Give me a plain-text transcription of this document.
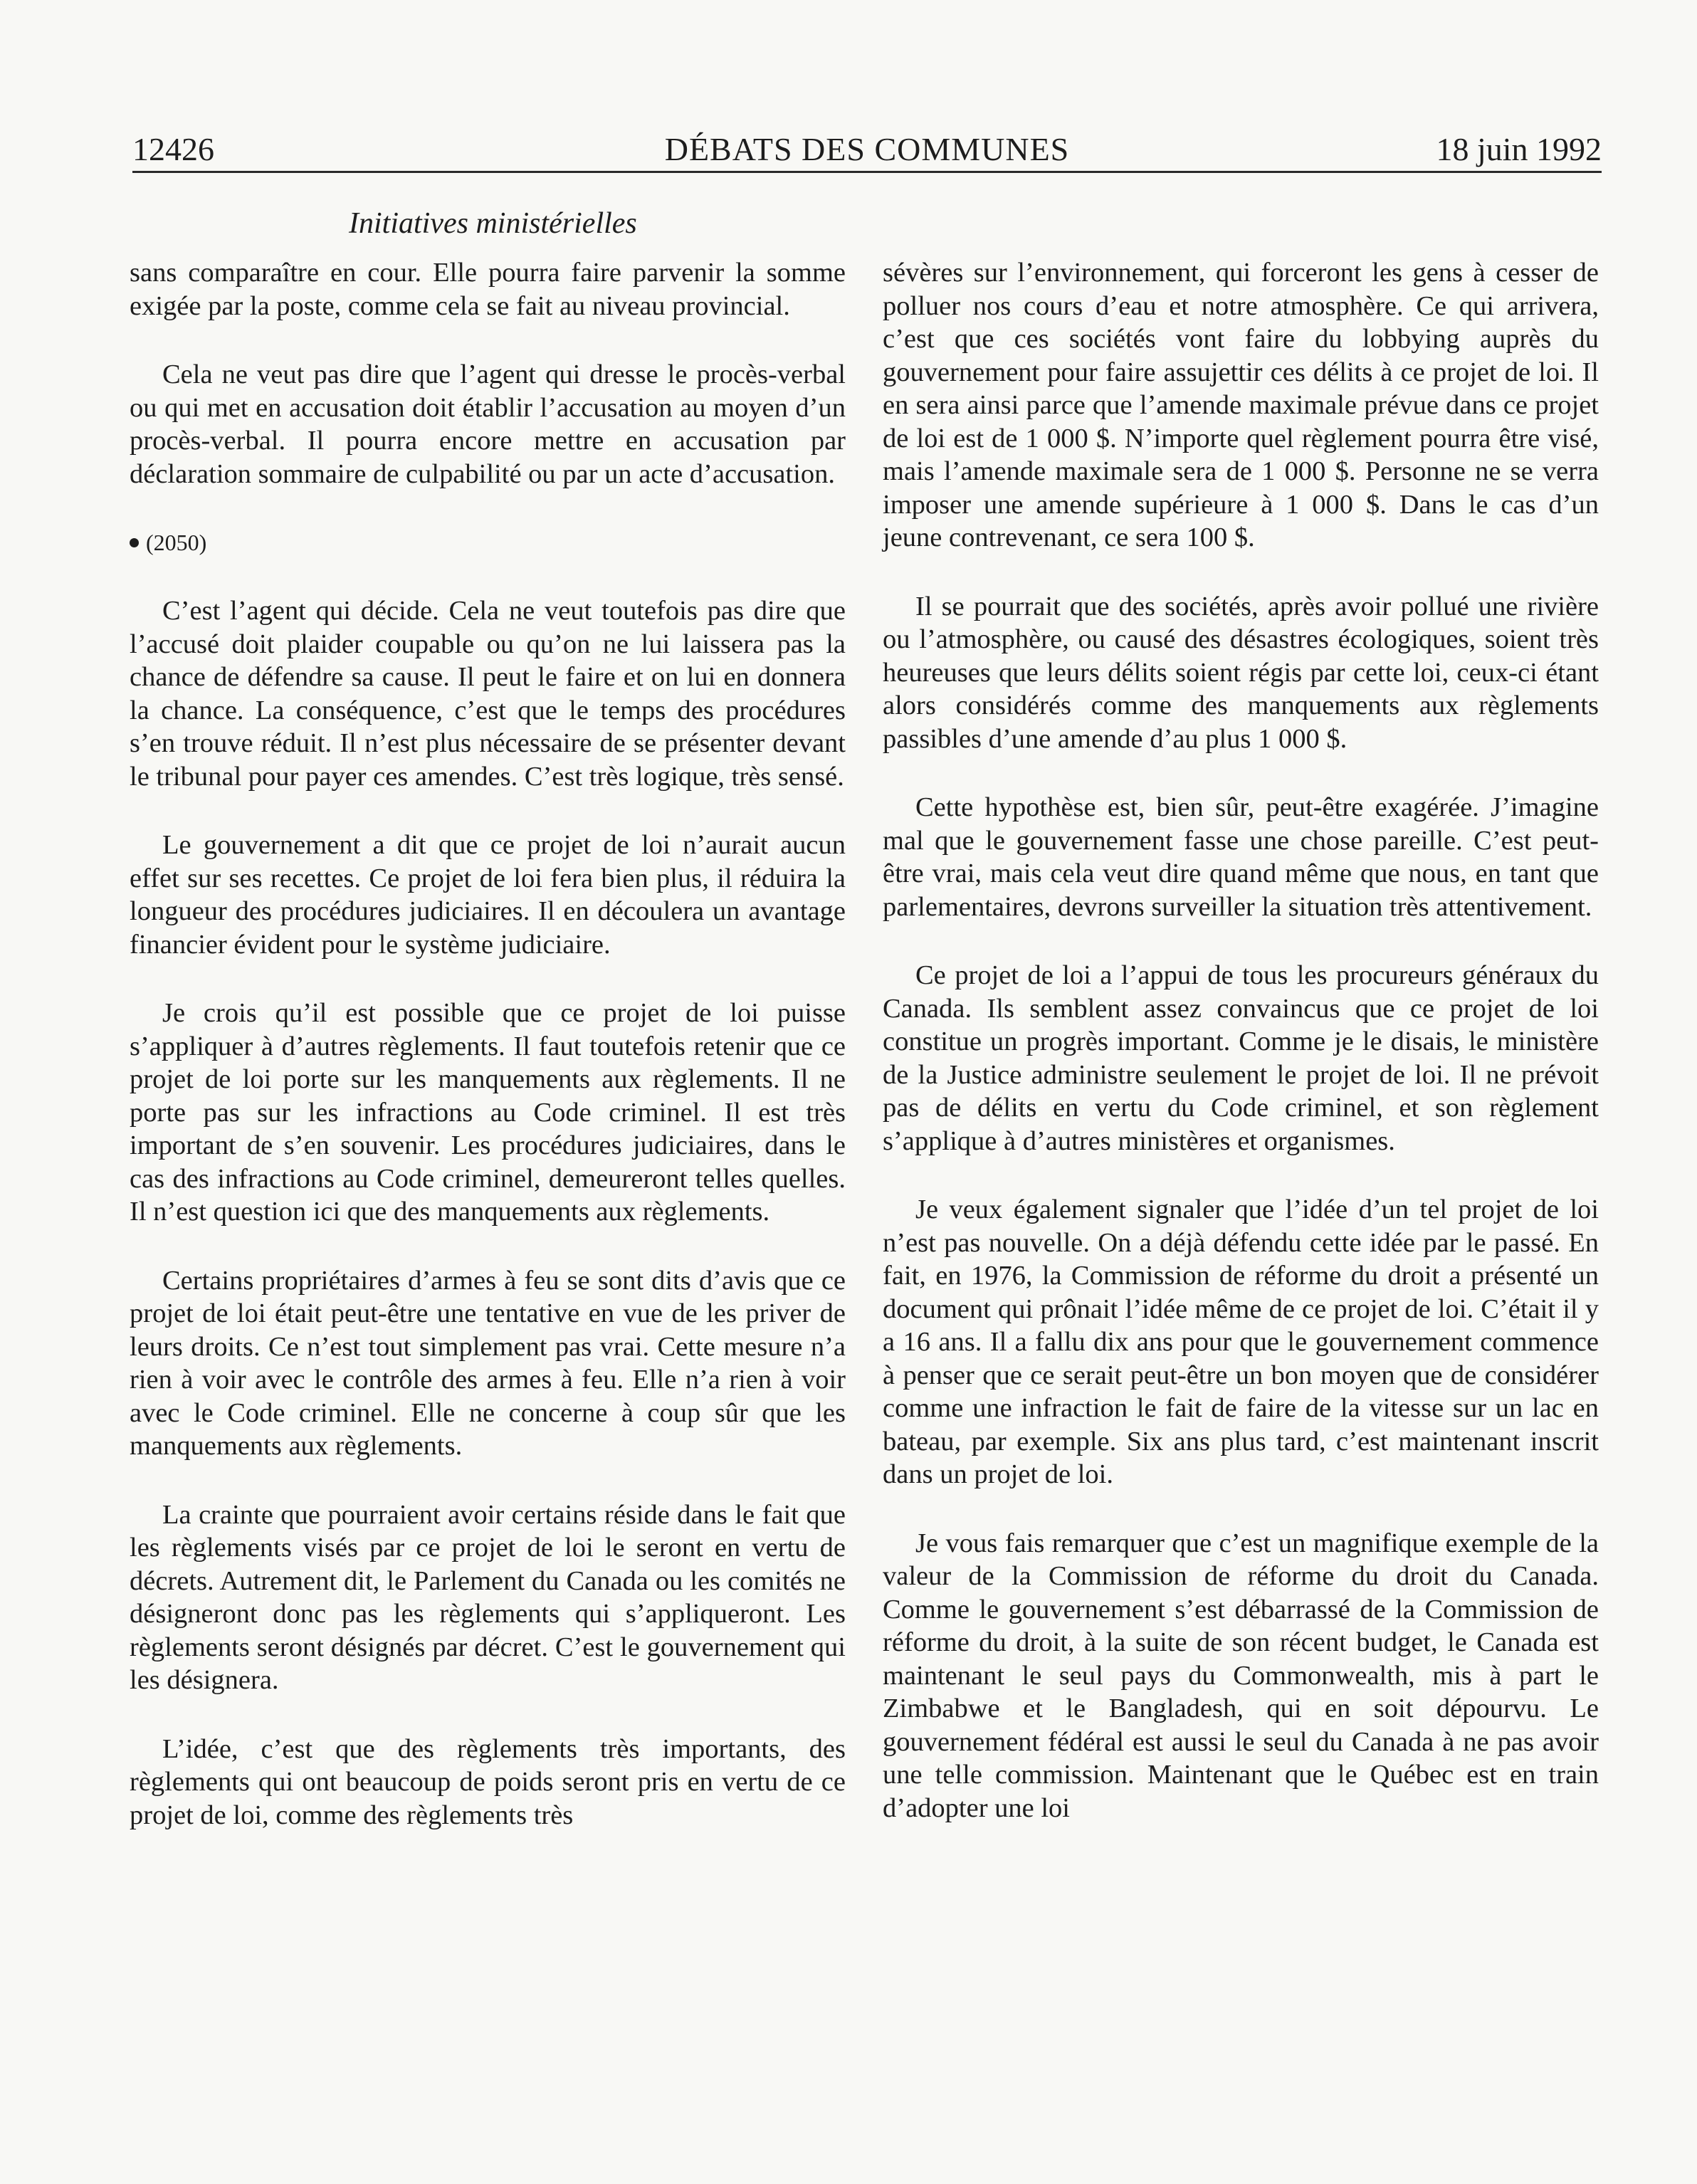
12426	DÉBATS DES COMMUNES	18 juin 1992
Initiatives ministérielles

sans comparaître en cour. Elle pourra faire parvenir la somme exigée par la poste, comme cela se fait au niveau provincial.

Cela ne veut pas dire que l’agent qui dresse le procès-verbal ou qui met en accusation doit établir l’accusation au moyen d’un procès-verbal. Il pourra encore mettre en accusation par déclaration sommaire de culpabilité ou par un acte d’accusation.

(2050)

C’est l’agent qui décide. Cela ne veut toutefois pas dire que l’accusé doit plaider coupable ou qu’on ne lui laissera pas la chance de défendre sa cause. Il peut le faire et on lui en donnera la chance. La conséquence, c’est que le temps des procédures s’en trouve réduit. Il n’est plus nécessaire de se présenter devant le tribunal pour payer ces amendes. C’est très logique, très sensé.

Le gouvernement a dit que ce projet de loi n’aurait aucun effet sur ses recettes. Ce projet de loi fera bien plus, il réduira la longueur des procédures judiciaires. Il en découlera un avantage financier évident pour le système judiciaire.

Je crois qu’il est possible que ce projet de loi puisse s’appliquer à d’autres règlements. Il faut toutefois retenir que ce projet de loi porte sur les manquements aux règlements. Il ne porte pas sur les infractions au Code criminel. Il est très important de s’en souvenir. Les procédures judiciaires, dans le cas des infractions au Code criminel, demeureront telles quelles. Il n’est question ici que des manquements aux règlements.

Certains propriétaires d’armes à feu se sont dits d’avis que ce projet de loi était peut-être une tentative en vue de les priver de leurs droits. Ce n’est tout simplement pas vrai. Cette mesure n’a rien à voir avec le contrôle des armes à feu. Elle n’a rien à voir avec le Code criminel. Elle ne concerne à coup sûr que les manquements aux règlements.

La crainte que pourraient avoir certains réside dans le fait que les règlements visés par ce projet de loi le seront en vertu de décrets. Autrement dit, le Parlement du Canada ou les comités ne désigneront donc pas les règlements qui s’appliqueront. Les règlements seront désignés par décret. C’est le gouvernement qui les désignera.

L’idée, c’est que des règlements très importants, des règlements qui ont beaucoup de poids seront pris en vertu de ce projet de loi, comme des règlements très

sévères sur l’environnement, qui forceront les gens à cesser de polluer nos cours d’eau et notre atmosphère. Ce qui arrivera, c’est que ces sociétés vont faire du lobbying auprès du gouvernement pour faire assujettir ces délits à ce projet de loi. Il en sera ainsi parce que l’amende maximale prévue dans ce projet de loi est de 1 000 $. N’importe quel règlement pourra être visé, mais l’amende maximale sera de 1 000 $. Personne ne se verra imposer une amende supérieure à 1 000 $. Dans le cas d’un jeune contrevenant, ce sera 100 $.

Il se pourrait que des sociétés, après avoir pollué une rivière ou l’atmosphère, ou causé des désastres écologiques, soient très heureuses que leurs délits soient régis par cette loi, ceux-ci étant alors considérés comme des manquements aux règlements passibles d’une amende d’au plus 1 000 $.

Cette hypothèse est, bien sûr, peut-être exagérée. J’imagine mal que le gouvernement fasse une chose pareille. C’est peut-être vrai, mais cela veut dire quand même que nous, en tant que parlementaires, devrons surveiller la situation très attentivement.

Ce projet de loi a l’appui de tous les procureurs généraux du Canada. Ils semblent assez convaincus que ce projet de loi constitue un progrès important. Comme je le disais, le ministère de la Justice administre seulement le projet de loi. Il ne prévoit pas de délits en vertu du Code criminel, et son règlement s’applique à d’autres ministères et organismes.

Je veux également signaler que l’idée d’un tel projet de loi n’est pas nouvelle. On a déjà défendu cette idée par le passé. En fait, en 1976, la Commission de réforme du droit a présenté un document qui prônait l’idée même de ce projet de loi. C’était il y a 16 ans. Il a fallu dix ans pour que le gouvernement commence à penser que ce serait peut-être un bon moyen que de considérer comme une infraction le fait de faire de la vitesse sur un lac en bateau, par exemple. Six ans plus tard, c’est maintenant inscrit dans un projet de loi.

Je vous fais remarquer que c’est un magnifique exemple de la valeur de la Commission de réforme du droit du Canada. Comme le gouvernement s’est débarrassé de la Commission de réforme du droit, à la suite de son récent budget, le Canada est maintenant le seul pays du Commonwealth, mis à part le Zimbabwe et le Bangladesh, qui en soit dépourvu. Le gouvernement fédéral est aussi le seul du Canada à ne pas avoir une telle commission. Maintenant que le Québec est en train d’adopter une loi
